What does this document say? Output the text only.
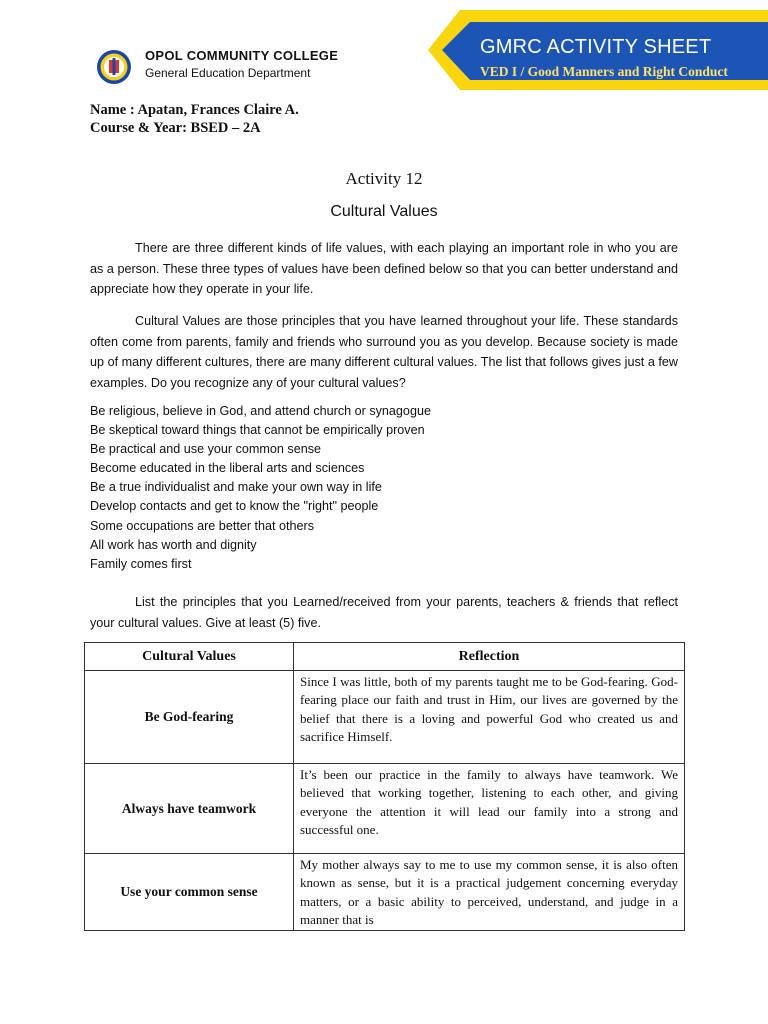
GMRC ACTIVITY SHEET
VED I / Good Manners and Right Conduct
OPOL COMMUNITY COLLEGE
General Education Department
Name : Apatan, Frances Claire A.
Course & Year: BSED – 2A
Activity 12
Cultural Values
There are three different kinds of life values, with each playing an important role in who you are as a person. These three types of values have been defined below so that you can better understand and appreciate how they operate in your life.
Cultural Values are those principles that you have learned throughout your life. These standards often come from parents, family and friends who surround you as you develop. Because society is made up of many different cultures, there are many different cultural values. The list that follows gives just a few examples. Do you recognize any of your cultural values?
Be religious, believe in God, and attend church or synagogue
Be skeptical toward things that cannot be empirically proven
Be practical and use your common sense
Become educated in the liberal arts and sciences
Be a true individualist and make your own way in life
Develop contacts and get to know the "right" people
Some occupations are better that others
All work has worth and dignity
Family comes first
List the principles that you Learned/received from your parents, teachers & friends that reflect your cultural values. Give at least (5) five.
Cultural Values	Reflection
Be God-fearing	Since I was little, both of my parents taught me to be God-fearing. God-fearing place our faith and trust in Him, our lives are governed by the belief that there is a loving and powerful God who created us and sacrifice Himself.
Always have teamwork	It’s been our practice in the family to always have teamwork. We believed that working together, listening to each other, and giving everyone the attention it will lead our family into a strong and successful one.
Use your common sense	My mother always say to me to use my common sense, it is also often known as sense, but it is a practical judgement concerning everyday matters, or a basic ability to perceived, understand, and judge in a manner that is
